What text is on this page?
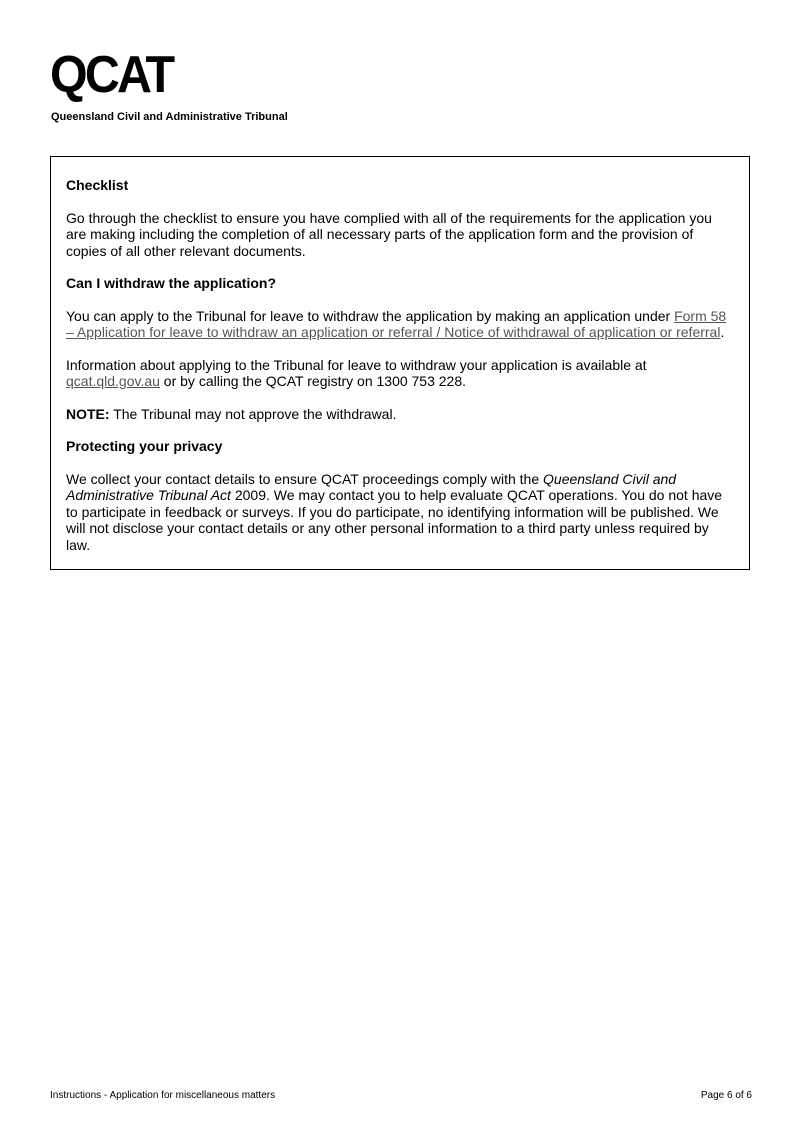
QCAT
Queensland Civil and Administrative Tribunal
Checklist
Go through the checklist to ensure you have complied with all of the requirements for the application you are making including the completion of all necessary parts of the application form and the provision of copies of all other relevant documents.
Can I withdraw the application?
You can apply to the Tribunal for leave to withdraw the application by making an application under Form 58 – Application for leave to withdraw an application or referral / Notice of withdrawal of application or referral.
Information about applying to the Tribunal for leave to withdraw your application is available at qcat.qld.gov.au or by calling the QCAT registry on 1300 753 228.
NOTE: The Tribunal may not approve the withdrawal.
Protecting your privacy
We collect your contact details to ensure QCAT proceedings comply with the Queensland Civil and Administrative Tribunal Act 2009. We may contact you to help evaluate QCAT operations. You do not have to participate in feedback or surveys. If you do participate, no identifying information will be published. We will not disclose your contact details or any other personal information to a third party unless required by law.
Instructions - Application for miscellaneous matters	Page 6 of 6
